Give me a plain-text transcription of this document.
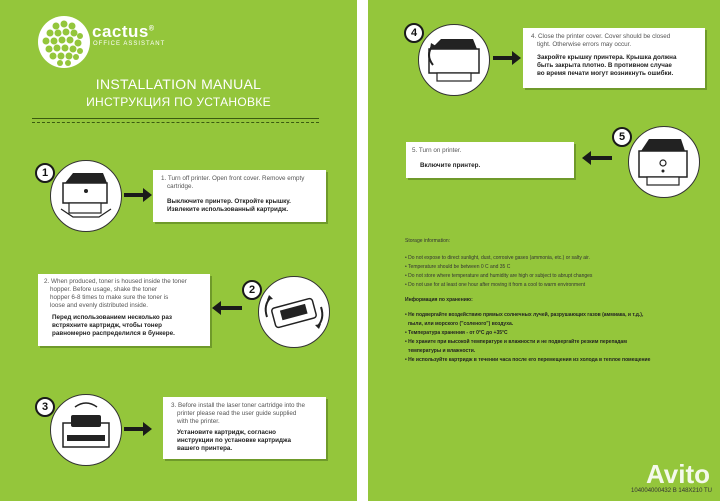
cactus®
OFFICE ASSISTANT
INSTALLATION MANUAL
ИНСТРУКЦИЯ ПО УСТАНОВКЕ
1	1. Turn off printer. Open front cover. Remove empty
cartridge.
Выключите принтер. Откройте крышку.
Извлеките использованный картридж.
2. When produced, toner is housed inside the toner
hopper. Before usage, shake the toner
hopper 6-8 times to make sure the toner is
loose and evenly distributed inside.
Перед использованием несколько раз
встряхните картридж, чтобы тонер
равномерно распределился в бункере.
2
3	3. Before install the laser toner cartridge into the
printer please read the user guide supplied
with the printer.
Установите картридж, согласно
инструкции по установке картриджа
вашего принтера.
4	4. Close the printer cover. Cover should be closed
tight. Otherwise errors may occur.
Закройте крышку принтера. Крышка должна
быть закрыта плотно. В противном случае
во время печати могут возникнуть ошибки.
5. Turn on printer.
Включите принтер.
5
Storage information:
• Do not expose to direct sunlight, dust, corrosive gases (ammonia, etc.) or salty air.
• Temperature should be between 0 C and 35 C
• Do not store where temperature and humidity are high or subject to abrupt changes
• Do not use for at least one hour after moving it from a cool to warm environment
Информация по хранению:
• Не подвергайте воздействию прямых солнечных лучей, разрушающих газов (аммиака, и т.д.),
пыли, или морского ("соленого") воздуха.
• Температура хранения - от 0°С до +35°С
• Не храните при высокой температуре и влажности и не подвергайте резким перепадам
температуры и влажности.
• Не используйте картридж в течении часа после его перемещения из холода в теплое помещение
Avito
104004000432 B 148X210 TU
